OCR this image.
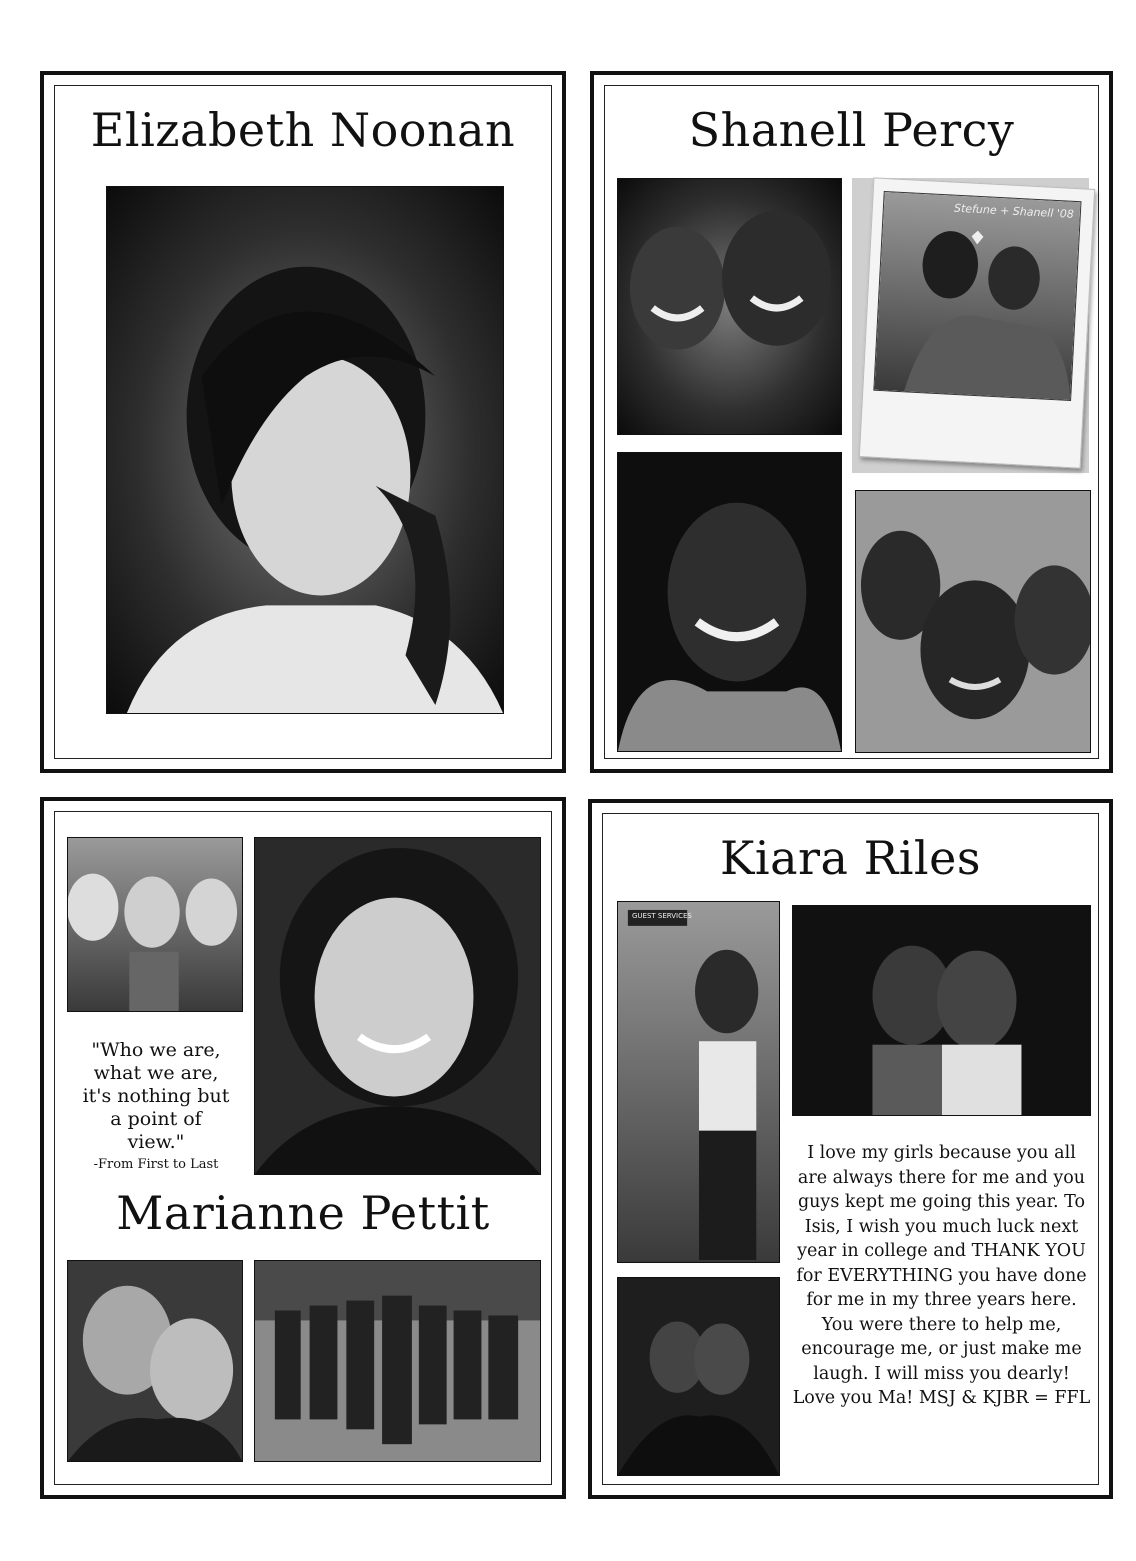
Elizabeth Noonan	Shanell Percy
Stefune + Shanell '08
"Who we are, what we are, it's nothing but a point of view."
-From First to Last
Marianne Pettit
Kiara Riles
GUEST SERVICES
I love my girls because you all are always there for me and you guys kept me going this year. To Isis, I wish you much luck next year in college and THANK YOU for EVERYTHING you have done for me in my three years here. You were there to help me, encourage me, or just make me laugh. I will miss you dearly! Love you Ma! MSJ & KJBR = FFL
